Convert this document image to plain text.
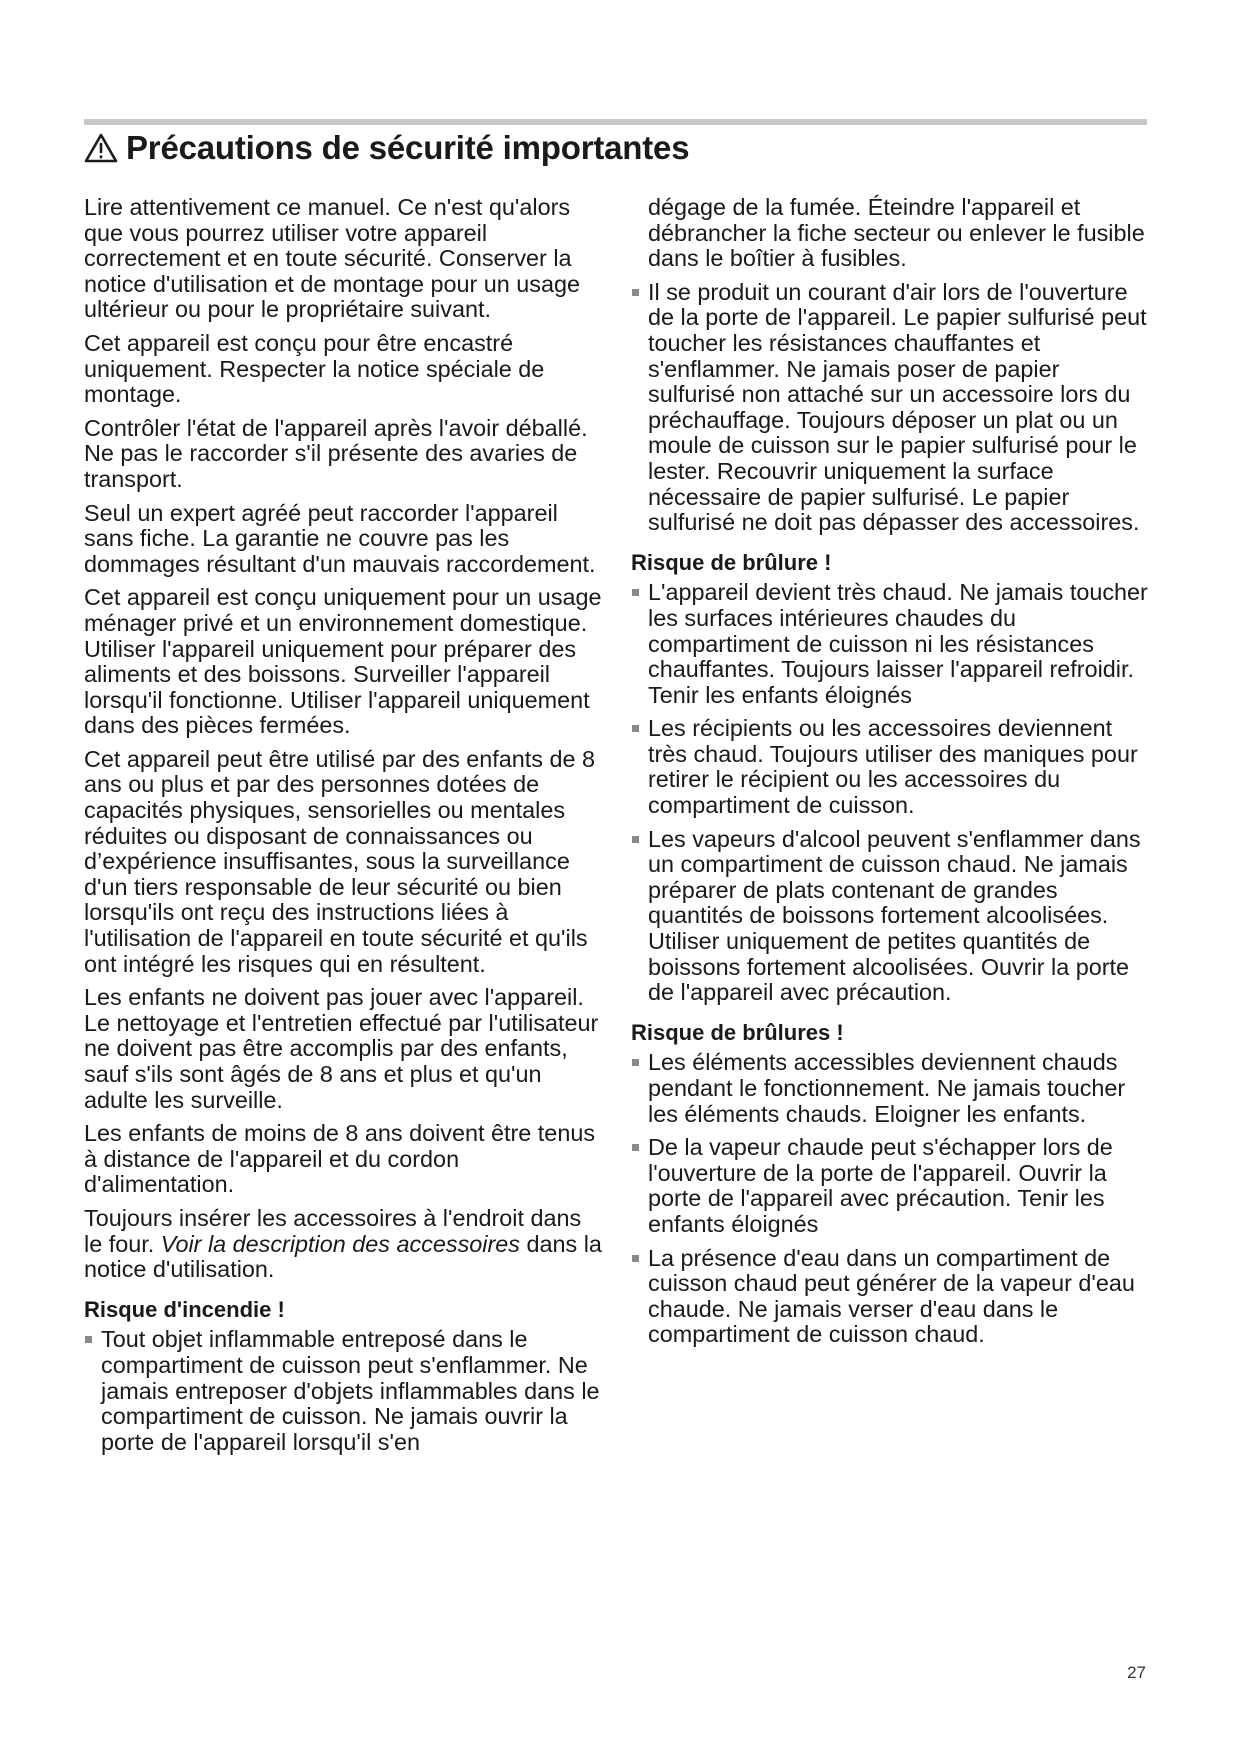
Précautions de sécurité importantes

Lire attentivement ce manuel. Ce n'est qu'alors que vous pourrez utiliser votre appareil correctement et en toute sécurité. Conserver la notice d'utilisation et de montage pour un usage ultérieur ou pour le propriétaire suivant.

Cet appareil est conçu pour être encastré uniquement. Respecter la notice spéciale de montage.

Contrôler l'état de l'appareil après l'avoir déballé. Ne pas le raccorder s'il présente des avaries de transport.

Seul un expert agréé peut raccorder l'appareil sans fiche. La garantie ne couvre pas les dommages résultant d'un mauvais raccordement.

Cet appareil est conçu uniquement pour un usage ménager privé et un environnement domestique. Utiliser l'appareil uniquement pour préparer des aliments et des boissons. Surveiller l'appareil lorsqu'il fonctionne. Utiliser l'appareil uniquement dans des pièces fermées.

Cet appareil peut être utilisé par des enfants de 8 ans ou plus et par des personnes dotées de capacités physiques, sensorielles ou mentales réduites ou disposant de connaissances ou d’expérience insuffisantes, sous la surveillance d'un tiers responsable de leur sécurité ou bien lorsqu'ils ont reçu des instructions liées à l'utilisation de l'appareil en toute sécurité et qu'ils ont intégré les risques qui en résultent.

Les enfants ne doivent pas jouer avec l'appareil. Le nettoyage et l'entretien effectué par l'utilisateur ne doivent pas être accomplis par des enfants, sauf s'ils sont âgés de 8 ans et plus et qu'un adulte les surveille.

Les enfants de moins de 8 ans doivent être tenus à distance de l'appareil et du cordon d'alimentation.

Toujours insérer les accessoires à l'endroit dans le four. Voir la description des accessoires dans la notice d'utilisation.

Risque d'incendie !
Tout objet inflammable entreposé dans le compartiment de cuisson peut s'enflammer. Ne jamais entreposer d'objets inflammables dans le compartiment de cuisson. Ne jamais ouvrir la porte de l'appareil lorsqu'il s'en
dégage de la fumée. Éteindre l'appareil et débrancher la fiche secteur ou enlever le fusible dans le boîtier à fusibles.
Il se produit un courant d'air lors de l'ouverture de la porte de l'appareil. Le papier sulfurisé peut toucher les résistances chauffantes et s'enflammer. Ne jamais poser de papier sulfurisé non attaché sur un accessoire lors du préchauffage. Toujours déposer un plat ou un moule de cuisson sur le papier sulfurisé pour le lester. Recouvrir uniquement la surface nécessaire de papier sulfurisé. Le papier sulfurisé ne doit pas dépasser des accessoires.
Risque de brûlure !
L'appareil devient très chaud. Ne jamais toucher les surfaces intérieures chaudes du compartiment de cuisson ni les résistances chauffantes. Toujours laisser l'appareil refroidir. Tenir les enfants éloignés
Les récipients ou les accessoires deviennent très chaud. Toujours utiliser des maniques pour retirer le récipient ou les accessoires du compartiment de cuisson.
Les vapeurs d'alcool peuvent s'enflammer dans un compartiment de cuisson chaud. Ne jamais préparer de plats contenant de grandes quantités de boissons fortement alcoolisées. Utiliser uniquement de petites quantités de boissons fortement alcoolisées. Ouvrir la porte de l'appareil avec précaution.
Risque de brûlures !
Les éléments accessibles deviennent chauds pendant le fonctionnement. Ne jamais toucher les éléments chauds. Eloigner les enfants.
De la vapeur chaude peut s'échapper lors de l'ouverture de la porte de l'appareil. Ouvrir la porte de l'appareil avec précaution. Tenir les enfants éloignés
La présence d'eau dans un compartiment de cuisson chaud peut générer de la vapeur d'eau chaude. Ne jamais verser d'eau dans le compartiment de cuisson chaud.
27
